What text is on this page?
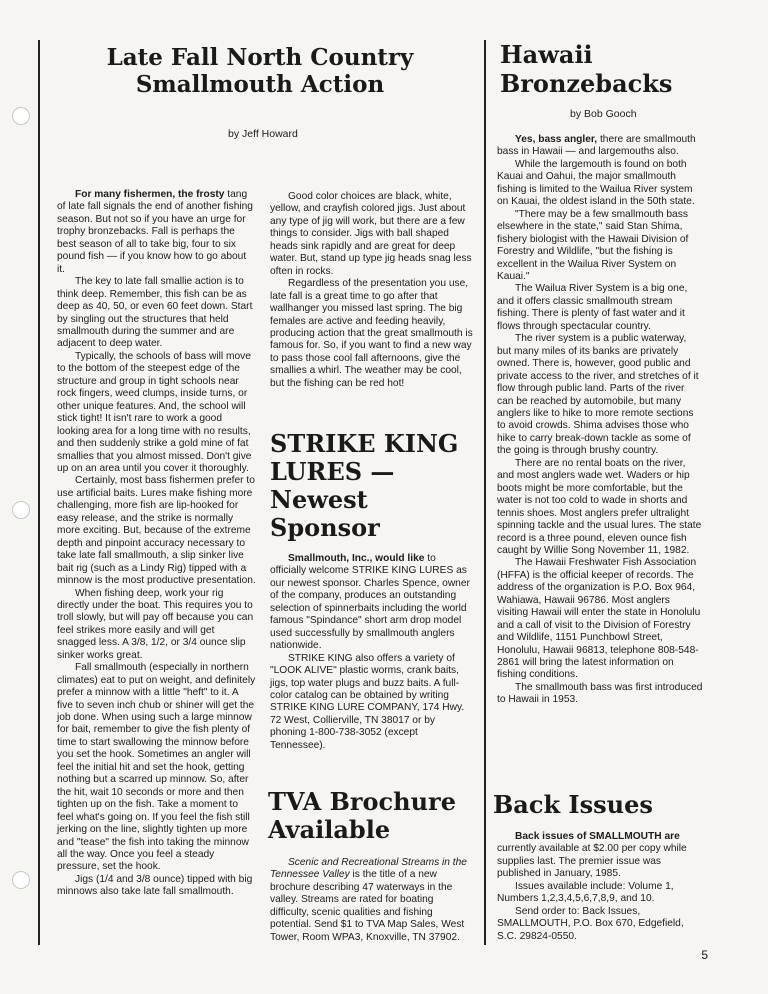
Late Fall North Country
Smallmouth Action

by Jeff Howard

For many fishermen, the frosty tang of late fall signals the end of another fishing season. But not so if you have an urge for trophy bronzebacks. Fall is perhaps the best season of all to take big, four to six pound fish — if you know how to go about it.

The key to late fall smallie action is to think deep. Remember, this fish can be as deep as 40, 50, or even 60 feet down. Start by singling out the structures that held smallmouth during the summer and are adjacent to deep water.

Typically, the schools of bass will move to the bottom of the steepest edge of the structure and group in tight schools near rock fingers, weed clumps, inside turns, or other unique features. And, the school will stick tight! It isn't rare to work a good looking area for a long time with no results, and then suddenly strike a gold mine of fat smallies that you almost missed. Don't give up on an area until you cover it thoroughly.

Certainly, most bass fishermen prefer to use artificial baits. Lures make fishing more challenging, more fish are lip-hooked for easy release, and the strike is normally more exciting. But, because of the extreme depth and pinpoint accuracy necessary to take late fall smallmouth, a slip sinker live bait rig (such as a Lindy Rig) tipped with a minnow is the most productive presentation.

When fishing deep, work your rig directly under the boat. This requires you to troll slowly, but will pay off because you can feel strikes more easily and will get snagged less. A 3/8, 1/2, or 3/4 ounce slip sinker works great.

Fall smallmouth (especially in northern climates) eat to put on weight, and definitely prefer a minnow with a little "heft" to it. A five to seven inch chub or shiner will get the job done. When using such a large minnow for bait, remember to give the fish plenty of time to start swallowing the minnow before you set the hook. Sometimes an angler will feel the initial hit and set the hook, getting nothing but a scarred up minnow. So, after the hit, wait 10 seconds or more and then tighten up on the fish. Take a moment to feel what's going on. If you feel the fish still jerking on the line, slightly tighten up more and "tease" the fish into taking the minnow all the way. Once you feel a steady pressure, set the hook.

Jigs (1/4 and 3/8 ounce) tipped with big minnows also take late fall smallmouth.

Good color choices are black, white, yellow, and crayfish colored jigs. Just about any type of jig will work, but there are a few things to consider. Jigs with ball shaped heads sink rapidly and are great for deep water. But, stand up type jig heads snag less often in rocks.

Regardless of the presentation you use, late fall is a great time to go after that wallhanger you missed last spring. The big females are active and feeding heavily, producing action that the great smallmouth is famous for. So, if you want to find a new way to pass those cool fall afternoons, give the smallies a whirl. The weather may be cool, but the fishing can be red hot!

STRIKE KING
LURES —
Newest
Sponsor

Smallmouth, Inc., would like to officially welcome STRIKE KING LURES as our newest sponsor. Charles Spence, owner of the company, produces an outstanding selection of spinnerbaits including the world famous "Spindance" short arm drop model used successfully by smallmouth anglers nationwide.

STRIKE KING also offers a variety of "LOOK ALIVE" plastic worms, crank baits, jigs, top water plugs and buzz baits. A full-color catalog can be obtained by writing STRIKE KING LURE COMPANY, 174 Hwy. 72 West, Collierville, TN 38017 or by phoning 1-800-738-3052 (except Tennessee).

TVA Brochure
Available

Scenic and Recreational Streams in the Tennessee Valley is the title of a new brochure describing 47 waterways in the valley. Streams are rated for boating difficulty, scenic qualities and fishing potential. Send $1 to TVA Map Sales, West Tower, Room WPA3, Knoxville, TN 37902.

Hawaii
Bronzebacks

by Bob Gooch

Yes, bass angler, there are smallmouth bass in Hawaii — and largemouths also.

While the largemouth is found on both Kauai and Oahui, the major smallmouth fishing is limited to the Wailua River system on Kauai, the oldest island in the 50th state.

"There may be a few smallmouth bass elsewhere in the state," said Stan Shima, fishery biologist with the Hawaii Division of Forestry and Wildlife, "but the fishing is excellent in the Wailua River System on Kauai."

The Wailua River System is a big one, and it offers classic smallmouth stream fishing. There is plenty of fast water and it flows through spectacular country.

The river system is a public waterway, but many miles of its banks are privately owned. There is, however, good public and private access to the river, and stretches of it flow through public land. Parts of the river can be reached by automobile, but many anglers like to hike to more remote sections to avoid crowds. Shima advises those who hike to carry break-down tackle as some of the going is through brushy country.

There are no rental boats on the river, and most anglers wade wet. Waders or hip boots might be more comfortable, but the water is not too cold to wade in shorts and tennis shoes. Most anglers prefer ultralight spinning tackle and the usual lures. The state record is a three pound, eleven ounce fish caught by Willie Song November 11, 1982.

The Hawaii Freshwater Fish Association (HFFA) is the official keeper of records. The address of the organization is P.O. Box 964, Wahiawa, Hawaii 96786. Most anglers visiting Hawaii will enter the state in Honolulu and a call of visit to the Division of Forestry and Wildlife, 1151 Punchbowl Street, Honolulu, Hawaii 96813, telephone 808-548-2861 will bring the latest information on fishing conditions.

The smallmouth bass was first introduced to Hawaii in 1953.

Back Issues

Back issues of SMALLMOUTH are currently available at $2.00 per copy while supplies last. The premier issue was published in January, 1985.

Issues available include: Volume 1, Numbers 1,2,3,4,5,6,7,8,9, and 10.

Send order to: Back Issues, SMALLMOUTH, P.O. Box 670, Edgefield, S.C. 29824-0550.

5
